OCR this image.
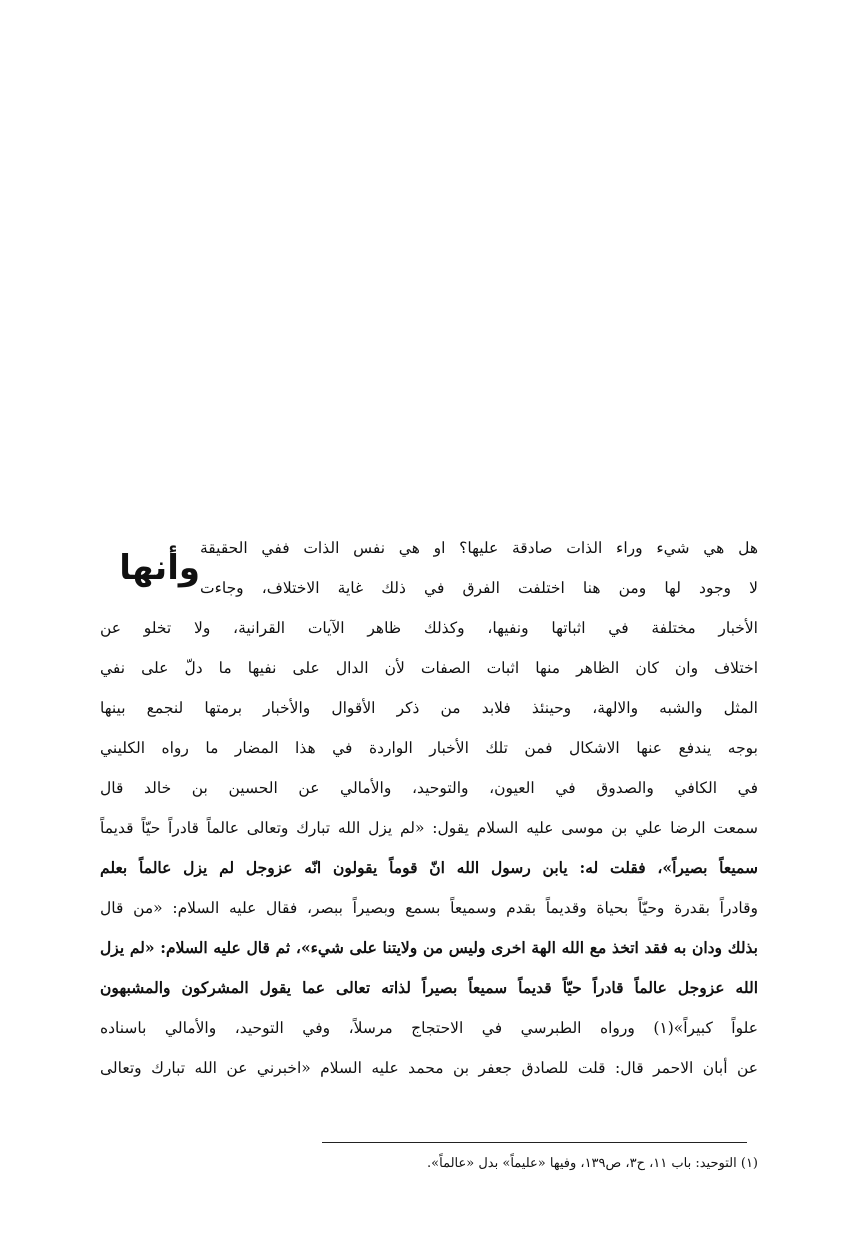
هل هي شيء وراء الذات صادقة عليها؟ او هي نفس الذات ففي الحقيقة
لا وجود لها ومن هنا اختلفت الفرق في ذلك غاية الاختلاف، وجاءت
وأنها
الأخبار مختلفة في اثباتها ونفيها، وكذلك ظاهر الآيات القرانية، ولا تخلو عن
اختلاف وان كان الظاهر منها اثبات الصفات لأن الدال على نفيها ما دلّ على نفي
المثل والشبه والالهة، وحينئذ فلابد من ذكر الأقوال والأخبار برمتها لنجمع بينها
بوجه يندفع عنها الاشكال فمن تلك الأخبار الواردة في هذا المضار ما رواه الكليني
في الكافي والصدوق في العيون، والتوحيد، والأمالي عن الحسين بن خالد قال
سمعت الرضا علي بن موسى عليه السلام يقول: «لم يزل الله تبارك وتعالى عالماً قادراً حيّاً قديماً
سميعاً بصيراً»، فقلت له: يابن رسول الله انّ قوماً يقولون انّه عزوجل لم يزل عالماً بعلم
وقادراً بقدرة وحيّاً بحياة وقديماً بقدم وسميعاً بسمع وبصيراً ببصر، فقال عليه السلام: «من قال
بذلك ودان به فقد اتخذ مع الله الهة اخرى وليس من ولايتنا على شيء»، ثم قال عليه السلام: «لم يزل
الله عزوجل عالماً قادراً حيّاً قديماً سميعاً بصيراً لذاته تعالى عما يقول المشركون والمشبهون
علواً كبيراً»(١) ورواه الطبرسي في الاحتجاج مرسلاً، وفي التوحيد، والأمالي باسناده
عن أبان الاحمر قال: قلت للصادق جعفر بن محمد عليه السلام «اخبرني عن الله تبارك وتعالى
(١) التوحيد: باب ١١، ح٣، ص١٣٩، وفيها «عليماً» بدل «عالماً».
